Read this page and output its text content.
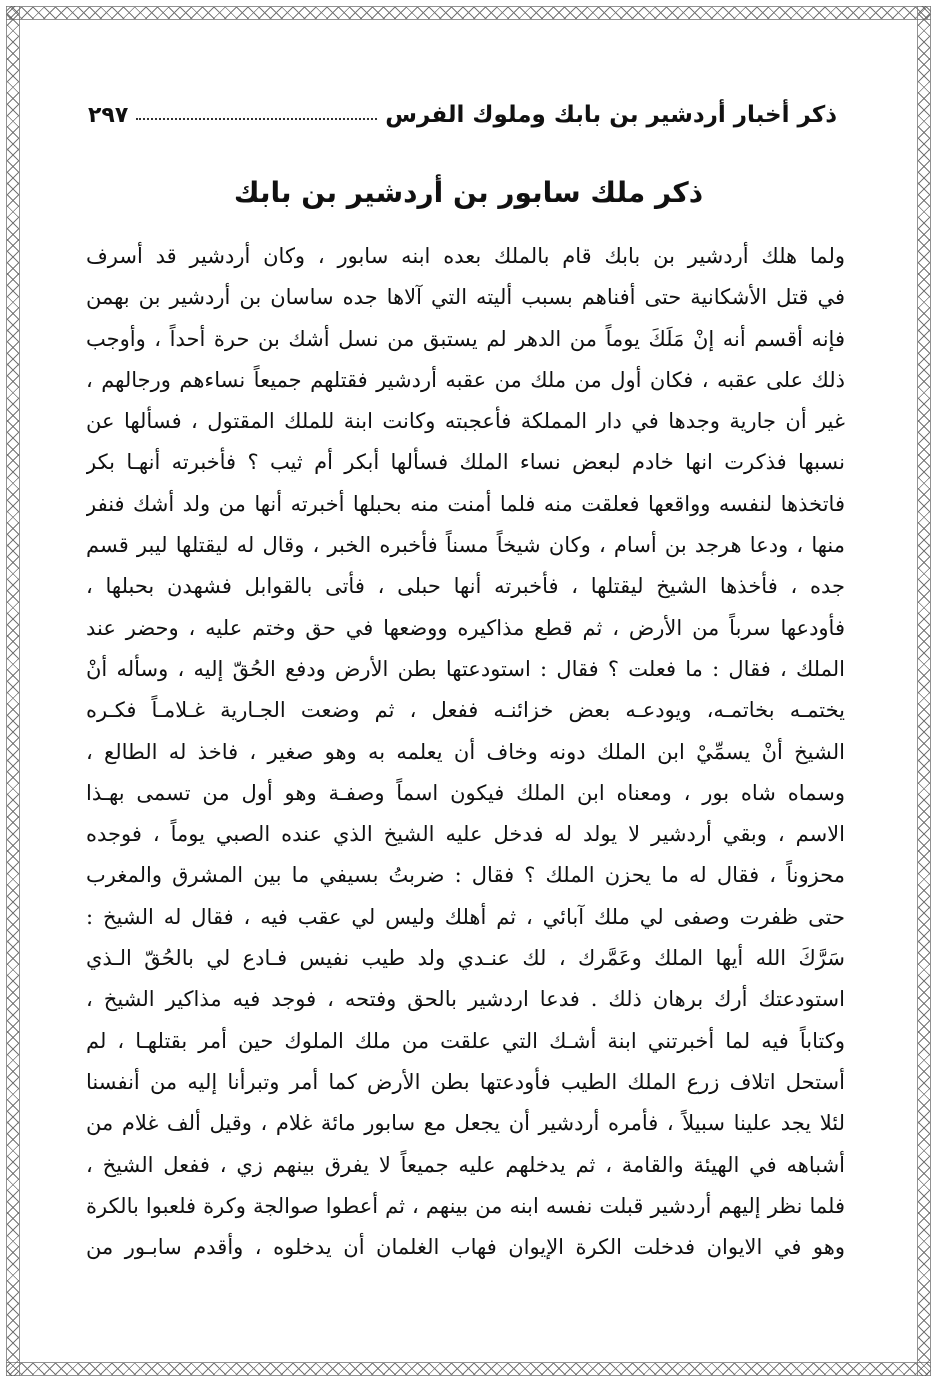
ذكر أخبار أردشير بن بابك وملوك الفرس
٢٩٧
ذكر ملك سابور بن أردشير بن بابك
ولما هلك أردشير بن بابك قام بالملك بعده ابنه سابور ، وكان أردشير قد أسرف
في قتل الأشكانية حتى أفناهم بسبب أليته التي آلاها جده ساسان بن أردشير بن بهمن
فإنه أقسم أنه إنْ مَلَكَ يوماً من الدهر لم يستبق من نسل أشك بن حرة أحداً ، وأوجب
ذلك على عقبه ، فكان أول من ملك من عقبه أردشير فقتلهم جميعاً نساءهم ورجالهم ،
غير أن جارية وجدها في دار المملكة فأعجبته وكانت ابنة للملك المقتول ، فسألها عن
نسبها فذكرت انها خادم لبعض نساء الملك فسألها أبكر أم ثيب ؟ فأخبرته أنهـا بكر
فاتخذها لنفسه وواقعها فعلقت منه فلما أمنت منه بحبلها أخبرته أنها من ولد أشك فنفر
منها ، ودعا هرجد بن أسام ، وكان شيخاً مسناً فأخبره الخبر ، وقال له ليقتلها ليبر قسم
جده ، فأخذها الشيخ ليقتلها ، فأخبرته أنها حبلى ، فأتى بالقوابل فشهدن بحبلها ،
فأودعها سرباً من الأرض ، ثم قطع مذاكيره ووضعها في حق وختم عليه ، وحضر عند
الملك ، فقال : ما فعلت ؟ فقال : استودعتها بطن الأرض ودفع الحُقّ إليه ، وسأله أنْ
يختمـه بخاتمـه، ويودعـه بعض خزائنـه ففعل ، ثم وضعت الجـارية غـلامـاً فكـره
الشيخ أنْ يسمِّيْ ابن الملك دونه وخاف أن يعلمه به وهو صغير ، فاخذ له الطالع ،
وسماه شاه بور ، ومعناه ابن الملك فيكون اسماً وصفـة وهو أول من تسمى بهـذا
الاسم ، وبقي أردشير لا يولد له فدخل عليه الشيخ الذي عنده الصبي يوماً ، فوجده
محزوناً ، فقال له ما يحزن الملك ؟ فقال : ضربتُ بسيفي ما بين المشرق والمغرب
حتى ظفرت وصفى لي ملك آبائي ، ثم أهلك وليس لي عقب فيه ، فقال له الشيخ :
سَرَّكَ الله أيها الملك وعَمَّرك ، لك عنـدي ولد طيب نفيس فـادع لي بالحُقّ الـذي
استودعتك أرك برهان ذلك . فدعا اردشير بالحق وفتحه ، فوجد فيه مذاكير الشيخ ،
وكتاباً فيه لما أخبرتني ابنة أشـك التي علقت من ملك الملوك حين أمر بقتلهـا ، لم
أستحل اتلاف زرع الملك الطيب فأودعتها بطن الأرض كما أمر وتبرأنا إليه من أنفسنا
لئلا يجد علينا سبيلاً ، فأمره أردشير أن يجعل مع سابور مائة غلام ، وقيل ألف غلام من
أشباهه في الهيئة والقامة ، ثم يدخلهم عليه جميعاً لا يفرق بينهم زي ، ففعل الشيخ ،
فلما نظر إليهم أردشير قبلت نفسه ابنه من بينهم ، ثم أعطوا صوالجة وكرة فلعبوا بالكرة
وهو في الايوان فدخلت الكرة الإيوان فهاب الغلمان أن يدخلوه ، وأقدم سابـور من
